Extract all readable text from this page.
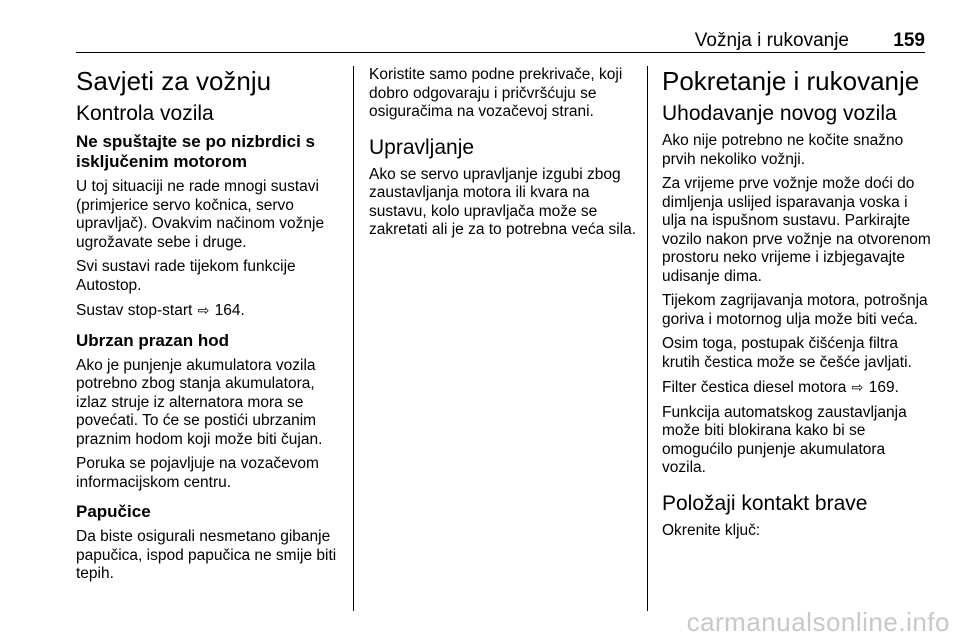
Vožnja i rukovanje 159
Savjeti za vožnju
Kontrola vozila
Ne spuštajte se po nizbrdici s isključenim motorom

U toj situaciji ne rade mnogi sustavi (primjerice servo kočnica, servo upravljač). Ovakvim načinom vožnje ugrožavate sebe i druge.

Svi sustavi rade tijekom funkcije Autostop.

Sustav stop-start ⇨ 164.

Ubrzan prazan hod

Ako je punjenje akumulatora vozila potrebno zbog stanja akumulatora, izlaz struje iz alternatora mora se povećati. To će se postići ubrzanim praznim hodom koji može biti čujan.

Poruka se pojavljuje na vozačevom informacijskom centru.

Papučice

Da biste osigurali nesmetano gibanje papučica, ispod papučica ne smije biti tepih.

Koristite samo podne prekrivače, koji dobro odgovaraju i pričvršćuju se osiguračima na vozačevoj strani.

Upravljanje

Ako se servo upravljanje izgubi zbog zaustavljanja motora ili kvara na sustavu, kolo upravljača može se zakretati ali je za to potrebna veća sila.

Pokretanje i rukovanje
Uhodavanje novog vozila

Ako nije potrebno ne kočite snažno prvih nekoliko vožnji.

Za vrijeme prve vožnje može doći do dimljenja uslijed isparavanja voska i ulja na ispušnom sustavu. Parkirajte vozilo nakon prve vožnje na otvorenom prostoru neko vrijeme i izbjegavajte udisanje dima.

Tijekom zagrijavanja motora, potrošnja goriva i motornog ulja može biti veća.

Osim toga, postupak čišćenja filtra krutih čestica može se češće javljati.

Filter čestica diesel motora ⇨ 169.

Funkcija automatskog zaustavljanja može biti blokirana kako bi se omogućilo punjenje akumulatora vozila.

Položaji kontakt brave

Okrenite ključ:

carmanualsonline.info
